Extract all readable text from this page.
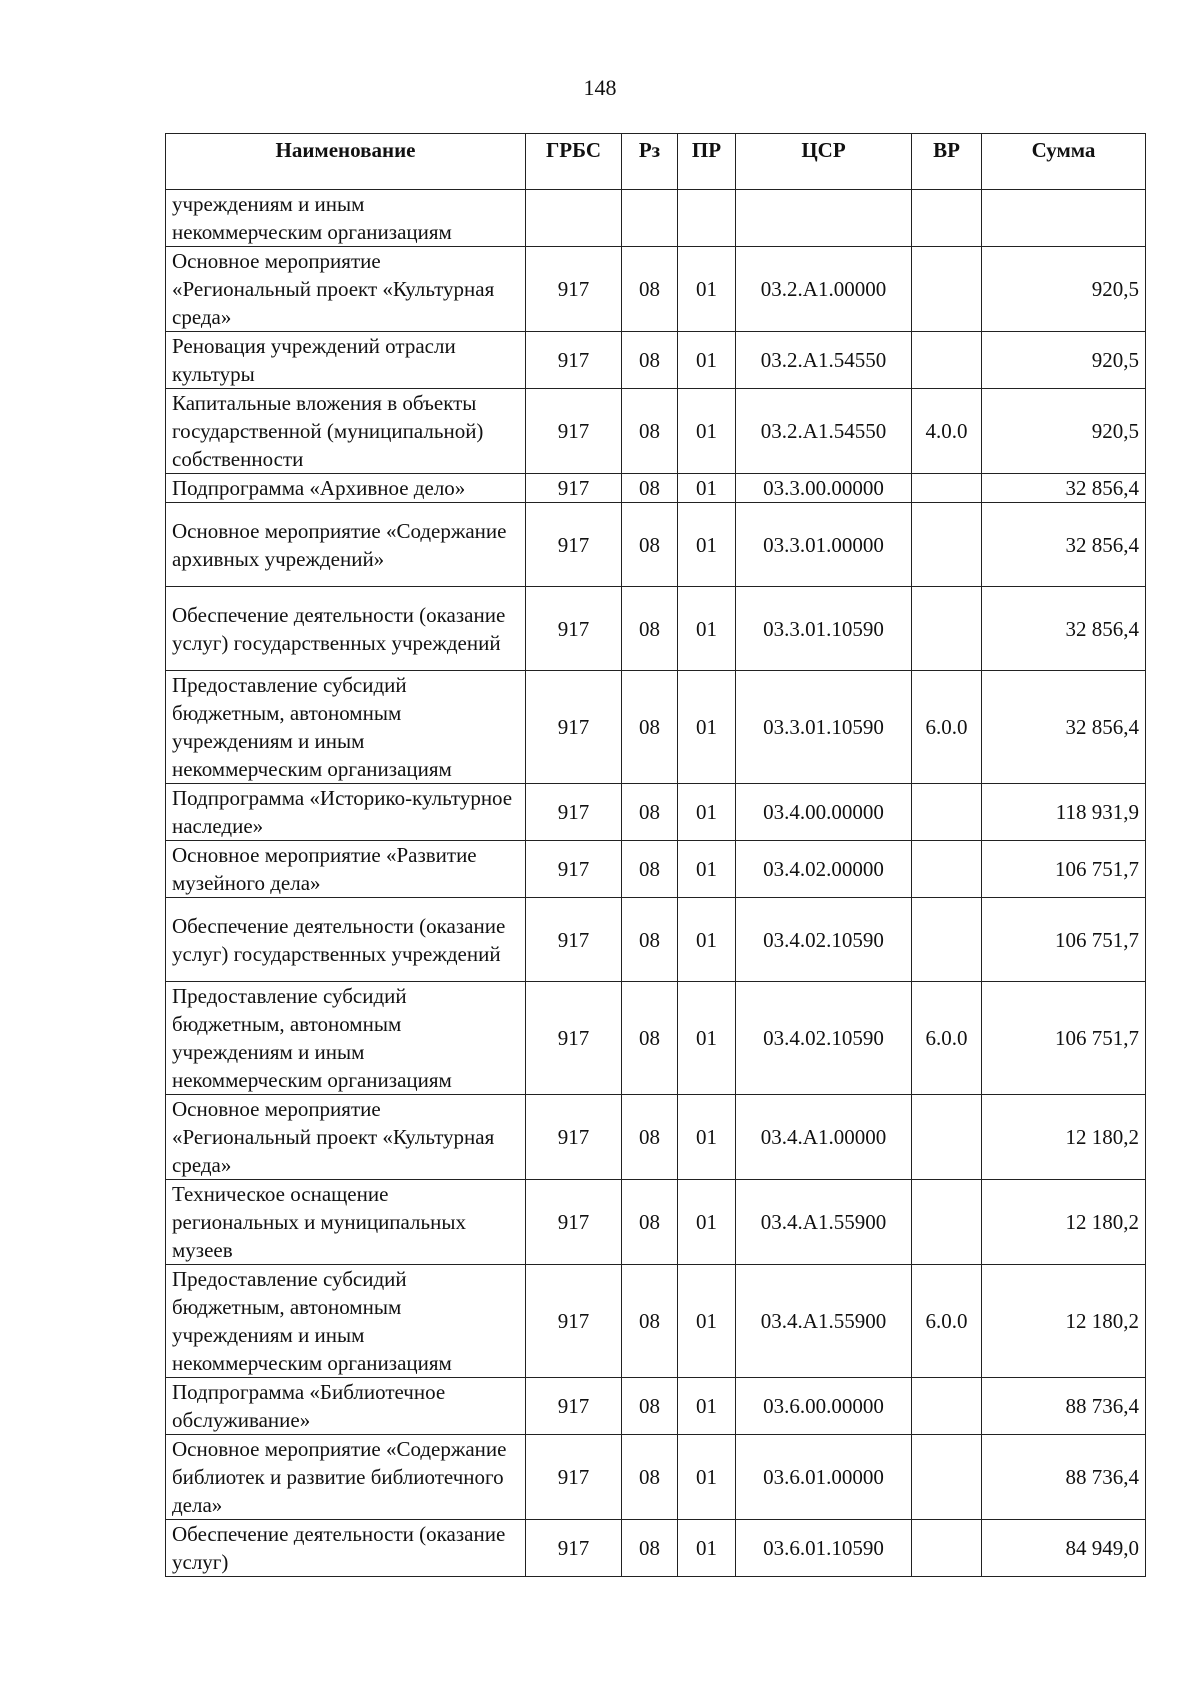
148
Наименование	ГРБС	Рз	ПР	ЦСР	ВР	Сумма
учреждениям и иным некоммерческим организациям						
Основное мероприятие «Региональный проект «Культурная среда»	917	08	01	03.2.A1.00000		920,5
Реновация учреждений отрасли культуры	917	08	01	03.2.A1.54550		920,5
Капитальные вложения в объекты государственной (муниципальной) собственности	917	08	01	03.2.A1.54550	4.0.0	920,5
Подпрограмма «Архивное дело»	917	08	01	03.3.00.00000		32 856,4
Основное мероприятие «Содержание архивных учреждений»	917	08	01	03.3.01.00000		32 856,4
Обеспечение деятельности (оказание услуг) государственных учреждений	917	08	01	03.3.01.10590		32 856,4
Предоставление субсидий бюджетным, автономным учреждениям и иным некоммерческим организациям	917	08	01	03.3.01.10590	6.0.0	32 856,4
Подпрограмма «Историко-культурное наследие»	917	08	01	03.4.00.00000		118 931,9
Основное мероприятие «Развитие музейного дела»	917	08	01	03.4.02.00000		106 751,7
Обеспечение деятельности (оказание услуг) государственных учреждений	917	08	01	03.4.02.10590		106 751,7
Предоставление субсидий бюджетным, автономным учреждениям и иным некоммерческим организациям	917	08	01	03.4.02.10590	6.0.0	106 751,7
Основное мероприятие «Региональный проект «Культурная среда»	917	08	01	03.4.A1.00000		12 180,2
Техническое оснащение региональных и муниципальных музеев	917	08	01	03.4.A1.55900		12 180,2
Предоставление субсидий бюджетным, автономным учреждениям и иным некоммерческим организациям	917	08	01	03.4.A1.55900	6.0.0	12 180,2
Подпрограмма «Библиотечное обслуживание»	917	08	01	03.6.00.00000		88 736,4
Основное мероприятие «Содержание библиотек и развитие библиотечного дела»	917	08	01	03.6.01.00000		88 736,4
Обеспечение деятельности (оказание услуг)	917	08	01	03.6.01.10590		84 949,0
